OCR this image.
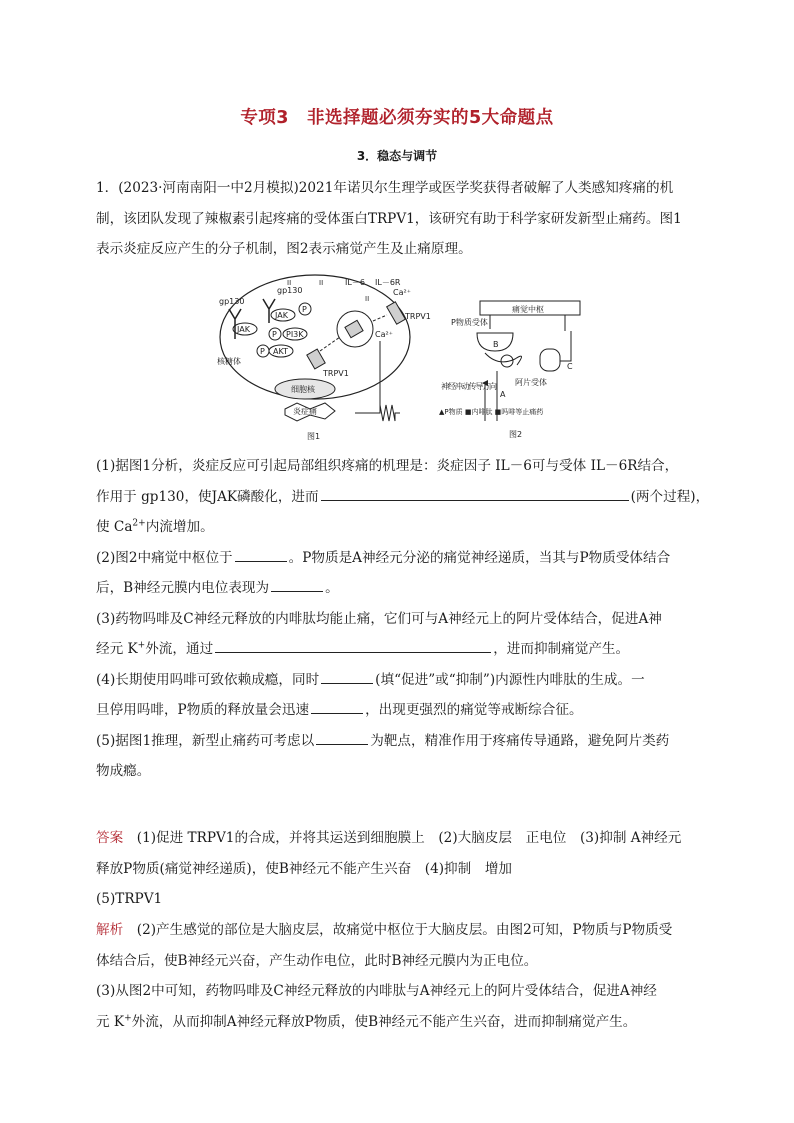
专项3　非选择题必须夯实的5大命题点
3．稳态与调节
1．(2023·河南南阳一中2月模拟)2021年诺贝尔生理学或医学奖获得者破解了人类感知疼痛的机
制，该团队发现了辣椒素引起疼痛的受体蛋白TRPV1，该研究有助于科学家研发新型止痛药。图1
表示炎症反应产生的分子机制，图2表示痛觉产生及止痛原理。
gp130
gp130
JAK
JAK
P
P PI3K
P AKT
核糖体
细胞核
TRPV1
TRPV1
Ca²⁺
Ca²⁺
IL－6 IL－6R
II
II
II
炎症痛
图1
痛觉中枢
P物质受体
B
C
A
阿片受体
神经冲动传导方向
▲P物质 ■内啡肽 ■吗啡等止痛药
图2
(1)据图1分析，炎症反应可引起局部组织疼痛的机理是：炎症因子 IL－6可与受体 IL－6R结合，
作用于 gp130，使JAK磷酸化，进而	(两个过程)，
使 $Ca^{2+}$内流增加。
(2)图2中痛觉中枢位于	。P物质是A神经元分泌的痛觉神经递质，当其与P物质受体结合
后，B神经元膜内电位表现为	。
(3)药物吗啡及C神经元释放的内啡肽均能止痛，它们可与A神经元上的阿片受体结合，促进A神
经元 K+外流，通过	，进而抑制痛觉产生。
(4)长期使用吗啡可致依赖成瘾，同时	(填“促进”或“抑制”)内源性内啡肽的生成。一
旦停用吗啡，P物质的释放量会迅速	，出现更强烈的痛觉等戒断综合征。
(5)据图1推理，新型止痛药可考虑以	为靶点，精准作用于疼痛传导通路，避免阿片类药
物成瘾。
答案　(1)促进 TRPV1的合成，并将其运送到细胞膜上　(2)大脑皮层　正电位　(3)抑制 A神经元
释放P物质(痛觉神经递质)，使B神经元不能产生兴奋　(4)抑制　增加
(5)TRPV1
解析　(2)产生感觉的部位是大脑皮层，故痛觉中枢位于大脑皮层。由图2可知，P物质与P物质受
体结合后，使B神经元兴奋，产生动作电位，此时B神经元膜内为正电位。
(3)从图2中可知，药物吗啡及C神经元释放的内啡肽与A神经元上的阿片受体结合，促进A神经
元 K+外流，从而抑制A神经元释放P物质，使B神经元不能产生兴奋，进而抑制痛觉产生。
